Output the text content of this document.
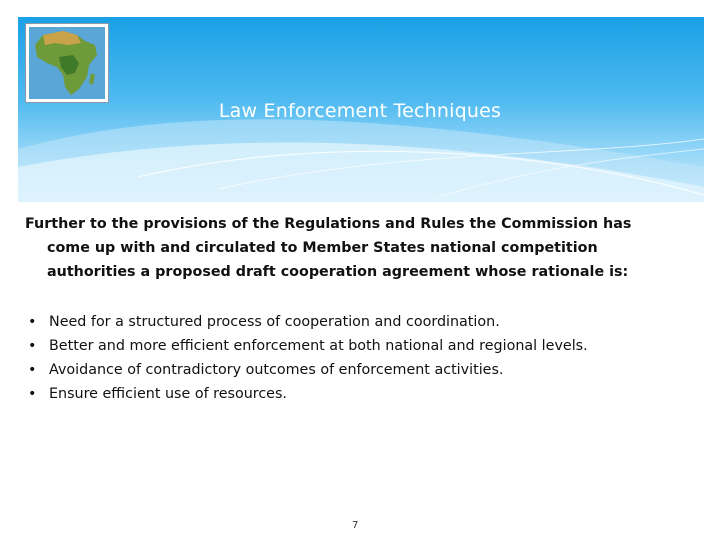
Law Enforcement Techniques
Further to the provisions of the Regulations and Rules the Commission has
come up with and circulated to Member States national competition
authorities a proposed draft cooperation agreement whose rationale is:
• Need for a structured process of cooperation and coordination.
• Better and more efficient enforcement at both national and regional levels.
• Avoidance of contradictory outcomes of enforcement activities.
• Ensure efficient use of resources.
7
